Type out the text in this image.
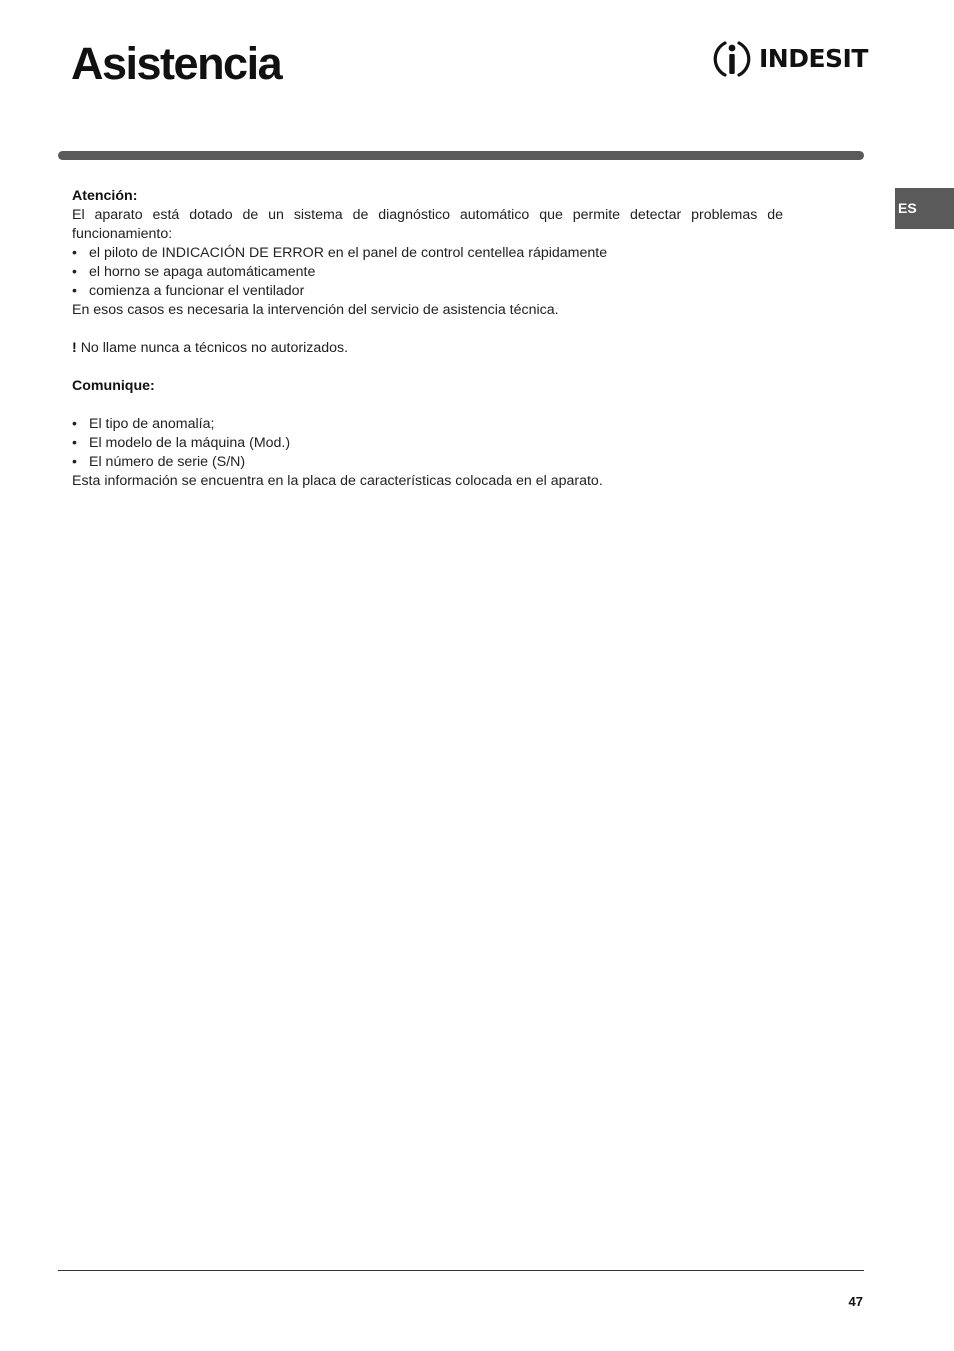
Asistencia	INDESIT
ES

Atención:

El aparato está dotado de un sistema de diagnóstico automático que permite detectar problemas de funcionamiento:

• el piloto de INDICACIÓN DE ERROR en el panel de control centellea rápidamente
• el horno se apaga automáticamente
• comienza a funcionar el ventilador

En esos casos es necesaria la intervención del servicio de asistencia técnica.

! No llame nunca a técnicos no autorizados.

Comunique:

• El tipo de anomalía;
• El modelo de la máquina (Mod.)
• El número de serie (S/N)

Esta información se encuentra en la placa de características colocada en el aparato.

47
